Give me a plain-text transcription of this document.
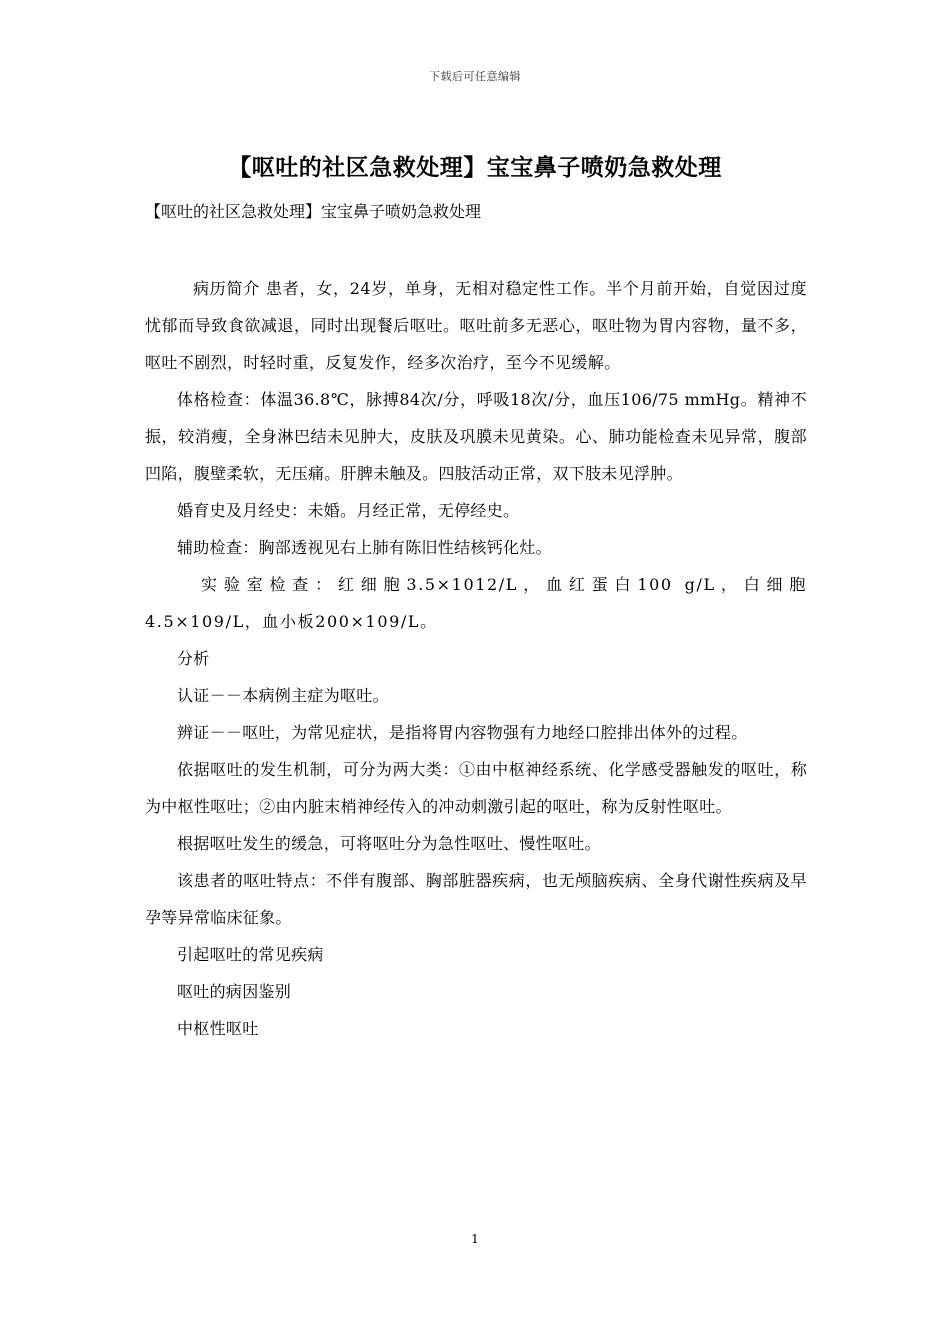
下载后可任意编辑
【呕吐的社区急救处理】宝宝鼻子喷奶急救处理

【呕吐的社区急救处理】宝宝鼻子喷奶急救处理

病历简介 患者，女，24岁，单身，无相对稳定性工作。半个月前开始，自觉因过度忧郁而导致食欲减退，同时出现餐后呕吐。呕吐前多无恶心，呕吐物为胃内容物，量不多，呕吐不剧烈，时轻时重，反复发作，经多次治疗，至今不见缓解。

体格检查：体温36.8℃，脉搏84次/分，呼吸18次/分，血压106/75 mmHg。精神不振，较消瘦，全身淋巴结未见肿大，皮肤及巩膜未见黄染。心、肺功能检查未见异常，腹部凹陷，腹壁柔软，无压痛。肝脾未触及。四肢活动正常，双下肢未见浮肿。

婚育史及月经史：未婚。月经正常，无停经史。

辅助检查：胸部透视见右上肺有陈旧性结核钙化灶。

实验室检查：红细胞3.5×1012/L，血红蛋白100 g/L，白细胞4.5×109/L，血小板200×109/L。

分析

认证－－本病例主症为呕吐。

辨证－－呕吐，为常见症状，是指将胃内容物强有力地经口腔排出体外的过程。

依据呕吐的发生机制，可分为两大类：①由中枢神经系统、化学感受器触发的呕吐，称为中枢性呕吐；②由内脏末梢神经传入的冲动刺激引起的呕吐，称为反射性呕吐。

根据呕吐发生的缓急，可将呕吐分为急性呕吐、慢性呕吐。

该患者的呕吐特点：不伴有腹部、胸部脏器疾病，也无颅脑疾病、全身代谢性疾病及早孕等异常临床征象。

引起呕吐的常见疾病

呕吐的病因鉴别

中枢性呕吐

1
